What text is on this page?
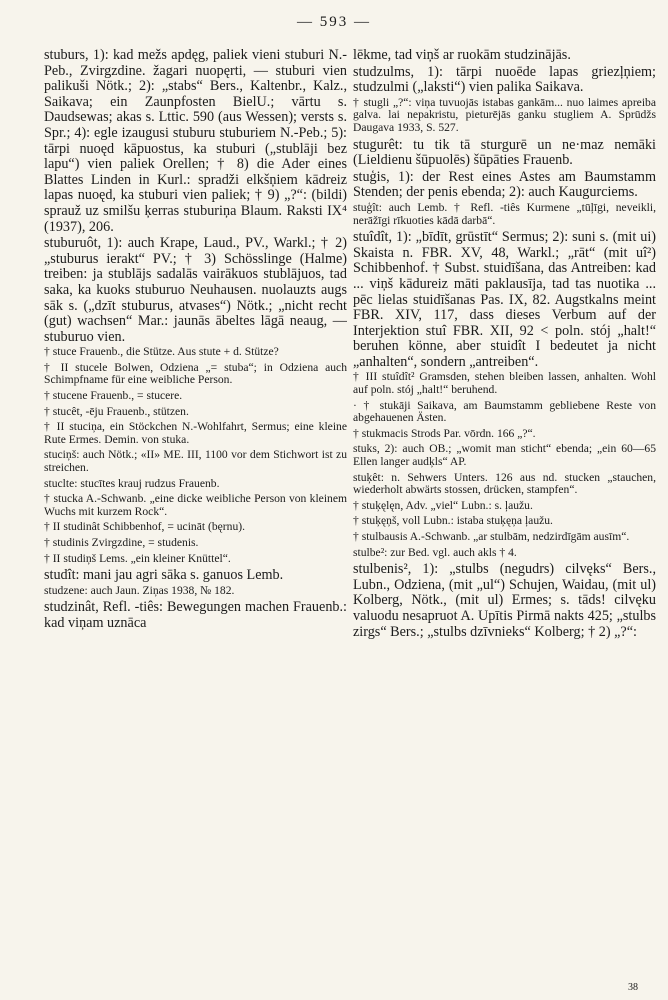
— 593 —

stuburs, 1): kad mežs apdęg, paliek vieni stuburi N.-Peb., Zvirgzdine. žagari nuopęrti, — stuburi vien palikuši Nötk.; 2): „stabs“ Bers., Kaltenbr., Kalz., Saikava; ein Zaunpfosten BielU.; vārtu s. Daudsewas; akas s. Lttic. 590 (aus Wessen); versts s. Spr.; 4): egle izaugusi stuburu stuburiem N.-Peb.; 5): tārpi nuoęd kāpuostus, ka stuburi („stublāji bez lapu“) vien paliek Orellen; † 8) die Ader eines Blattes Linden in Kurl.: spradži elkšņiem kādreiz lapas nuoęd, ka stuburi vien paliek; † 9) „?“: (bildi) sprauž uz smilšu ķerras stuburiņa Blaum. Raksti IX⁴ (1937), 206.

stuburuôt, 1): auch Krape, Laud., PV., Warkl.; † 2) „stuburus ierakt“ PV.; † 3) Schösslinge (Halme) treiben: ja stublājs sadalās vairākuos stublājuos, tad saka, ka kuoks stuburuo Neuhausen. nuolauzts augs sāk s. („dzīt stuburus, atvases“) Nötk.; „nicht recht (gut) wachsen“ Mar.: jaunās ābeltes lāgā neaug, — stuburuo vien.

† stuce Frauenb., die Stütze. Aus stute + d. Stütze?

† II stucele Bolwen, Odziena „= stuba“; in Odziena auch Schimpfname für eine weibliche Person.

† stucene Frauenb., = stucere.

† stucêt, -ēju Frauenb., stützen.

† II stuciņa, ein Stöckchen N.-Wohlfahrt, Sermus; eine kleine Rute Ermes. Demin. von stuka.

stuciņš: auch Nötk.; «II» ME. III, 1100 vor dem Stichwort ist zu streichen.

stuclte: stucītes krauj rudzus Frauenb.

† stucka A.-Schwanb. „eine dicke weibliche Person von kleinem Wuchs mit kurzem Rock“.

† II studinât Schibbenhof, = ucināt (bęrnu).

† studinis Zvirgzdine, = studenis.

† II studiņš Lems. „ein kleiner Knüttel“.

studît: mani jau agri sāka s. ganuos Lemb.

studzene: auch Jaun. Ziņas 1938, № 182.

studzinât, Refl. -tiês: Bewegungen machen Frauenb.: kad viņam uznāca

lēkme, tad viņš ar ruokām studzinājās.

studzulms, 1): tārpi nuoēde lapas griezļņiem; studzulmi („laksti“) vien palika Saikava.

† stugli „?“: viņa tuvuojās istabas gankām... nuo laimes apreiba galva. lai nepakristu, pieturējās ganku stugliem A. Sprūdžs Daugava 1933, S. 527.

stugurêt: tu tik tā sturgurē un ne·maz nemāki (Lieldienu šūpuolēs) šūpāties Frauenb.

stuģis, 1): der Rest eines Astes am Baumstamm Stenden; der penis ebenda; 2): auch Kaugurciems.

stuģît: auch Lemb. † Refl. -tiês Kurmene „tūļīgi, neveikli, nerāžīgi rīkuoties kādā darbā“.

stuîdît, 1): „bīdīt, grūstīt“ Sermus; 2): suni s. (mit ui) Skaista n. FBR. XV, 48, Warkl.; „rāt“ (mit uî²) Schibbenhof. † Subst. stuidīšana, das Antreiben: kad ... viņš kādureiz māti paklausīja, tad tas nuotika ... pēc lielas stuidīšanas Pas. IX, 82. Augstkalns meint FBR. XIV, 117, dass dieses Verbum auf der Interjektion stuî FBR. XII, 92 < poln. stój „halt!“ beruhen könne, aber stuidît I bedeutet ja nicht „anhalten“, sondern „antreiben“.

† III stuîdît² Gramsden, stehen bleiben lassen, anhalten. Wohl auf poln. stój „halt!“ beruhend.

· † stukāji Saikava, am Baumstamm gebliebene Reste von abgehauenen Ästen.

† stukmacis Strods Par. vōrdn. 166 „?“.

stuks, 2): auch OB.; „womit man sticht“ ebenda; „ein 60—65 Ellen langer audķls“ AP.

stuķêt: n. Sehwers Unters. 126 aus nd. stucken „stauchen, wiederholt abwärts stossen, drücken, stampfen“.

† stuķęlęn, Adv. „viel“ Lubn.: s. ļaužu.

† stuķęņš, voll Lubn.: istaba stuķęņa ļaužu.

† stulbausis A.-Schwanb. „ar stulbām, nedzirdīgām ausīm“.

stulbe²: zur Bed. vgl. auch akls † 4.

stulbenis², 1): „stulbs (negudrs) cilvęks“ Bers., Lubn., Odziena, (mit „ul“) Schujen, Waidau, (mit ul) Kolberg, Nötk., (mit ul) Ermes; s. tāds! cilvęku valuodu nesapruot A. Upītis Pirmā nakts 425; „stulbs zirgs“ Bers.; „stulbs dzīvnieks“ Kolberg; † 2) „?“:

38
